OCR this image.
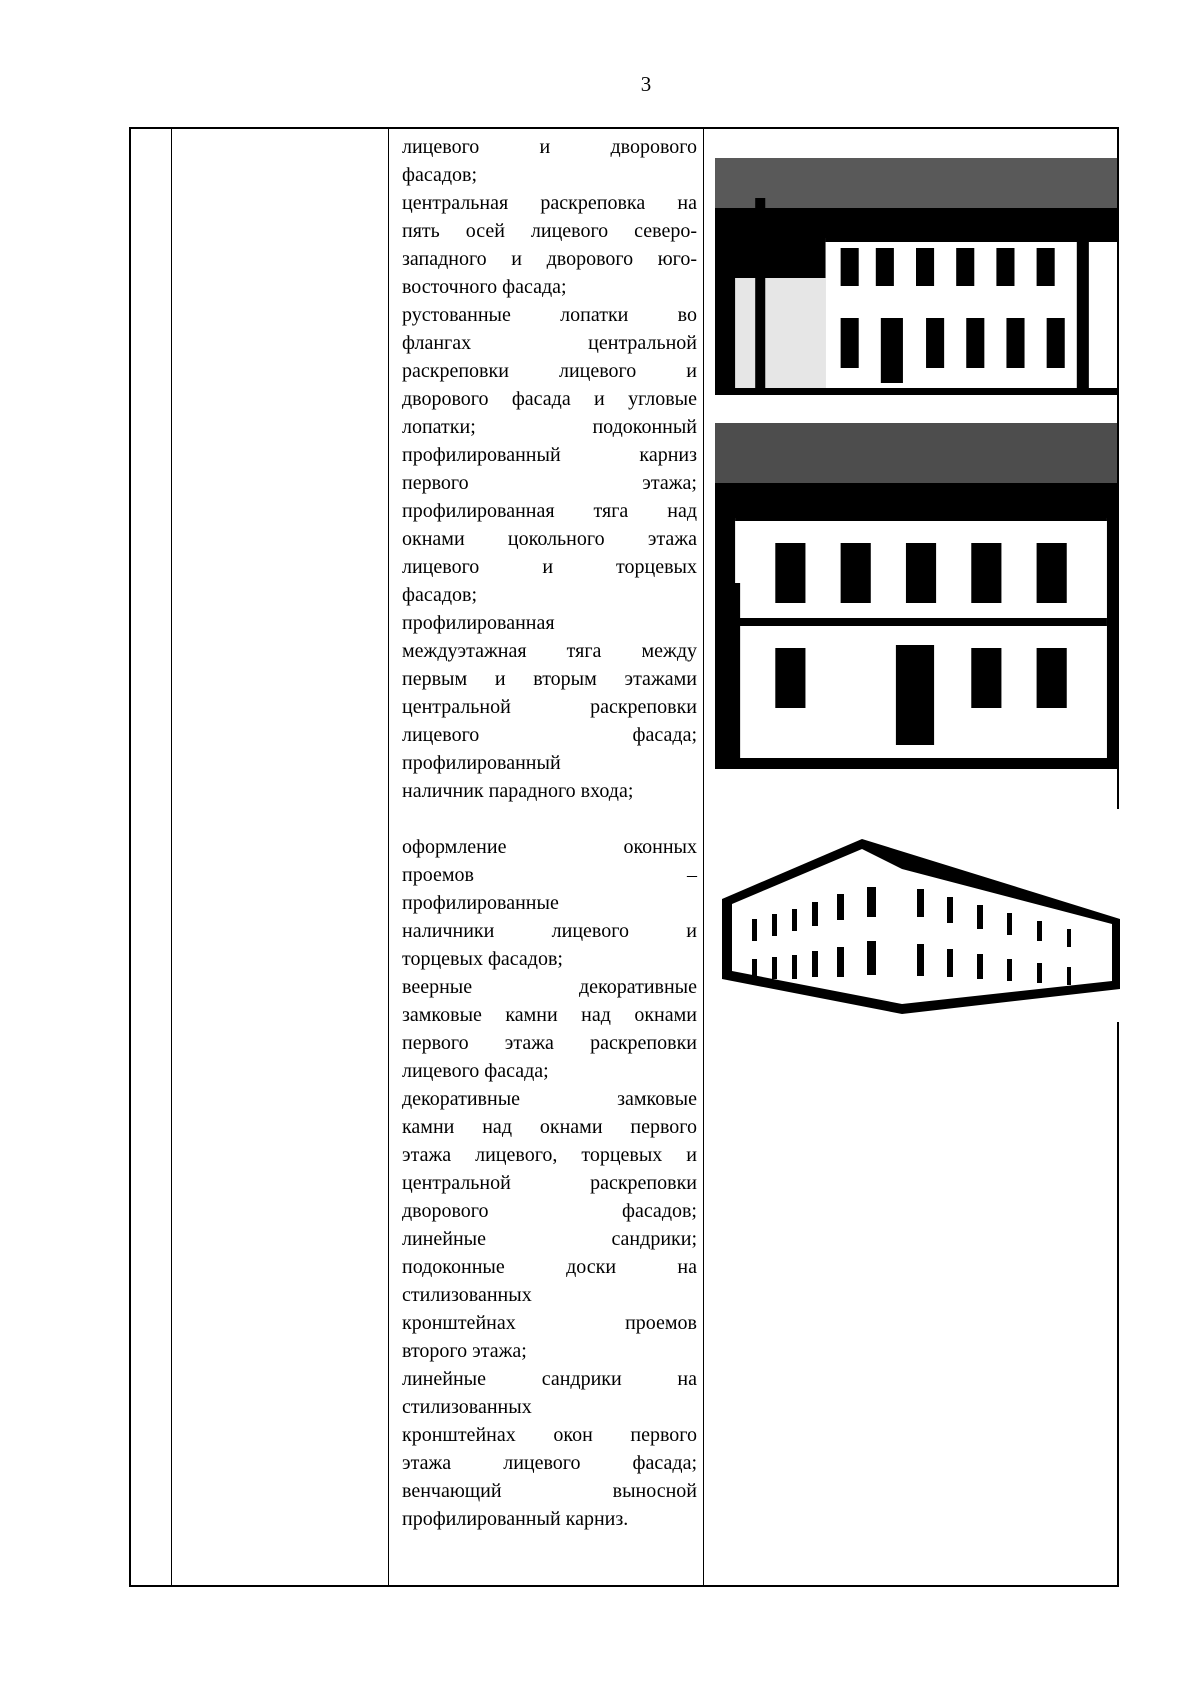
3
лицевого и дворового
фасадов;
центральная раскреповка на
пять осей лицевого северо-
западного и дворового юго-
восточного фасада;
рустованные лопатки во
флангах центральной
раскреповки лицевого и
дворового фасада и угловые
лопатки; подоконный
профилированный карниз
первого этажа;
профилированная тяга над
окнами цокольного этажа
лицевого и торцевых
фасадов;
профилированная
междуэтажная тяга между
первым и вторым этажами
центральной раскреповки
лицевого фасада;
профилированный
наличник парадного входа;
оформление оконных
проемов –
профилированные
наличники лицевого и
торцевых фасадов;
веерные декоративные
замковые камни над окнами
первого этажа раскреповки
лицевого фасада;
декоративные замковые
камни над окнами первого
этажа лицевого, торцевых и
центральной раскреповки
дворового фасадов;
линейные сандрики;
подоконные доски на
стилизованных
кронштейнах проемов
второго этажа;
линейные сандрики на
стилизованных
кронштейнах окон первого
этажа лицевого фасада;
венчающий выносной
профилированный карниз.
